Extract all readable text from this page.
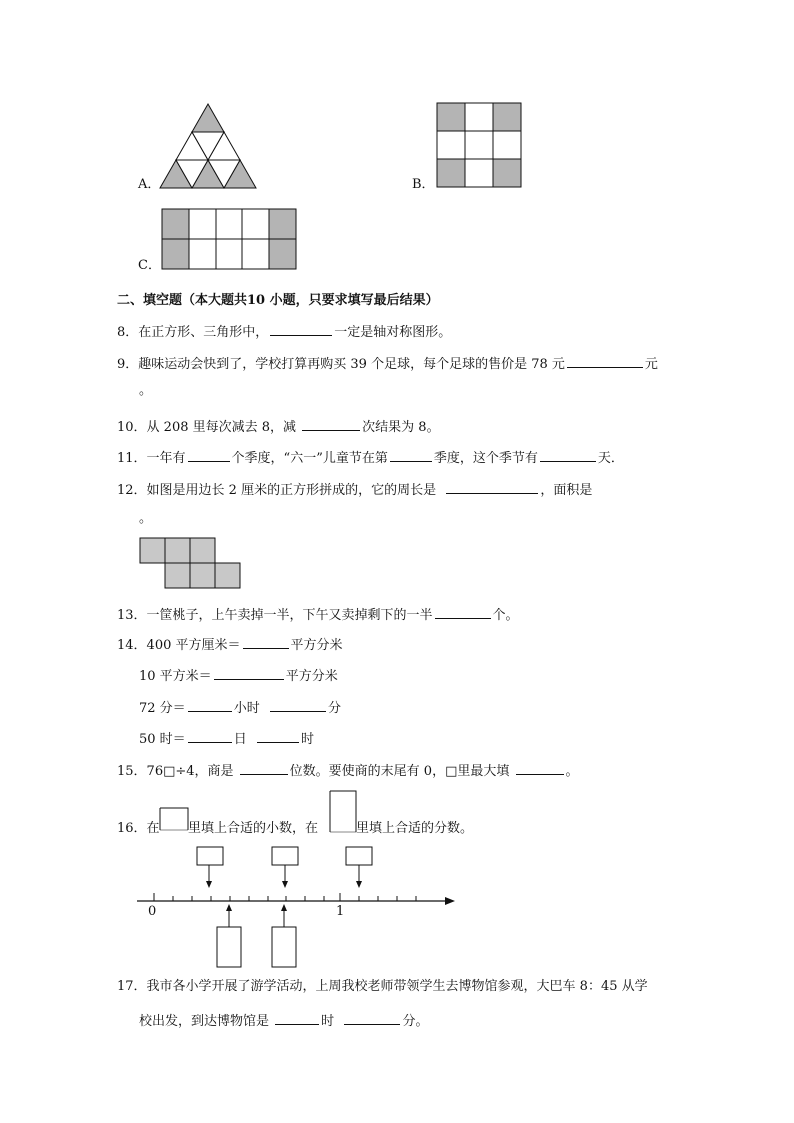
A．	B．
C．
二、填空题（本大题共10 小题，只要求填写最后结果）
8．在正方形、三角形中，	一定是轴对称图形。
9．趣味运动会快到了，学校打算再购买 39 个足球，每个足球的售价是 78 元	元
。
10．从 208 里每次减去 8，减	次结果为 8。
11．一年有	个季度，“六一”儿童节在第	季度，这个季节有	天．
12．如图是用边长 2 厘米的正方形拼成的，它的周长是	，面积是
。
13．一筐桃子，上午卖掉一半，下午又卖掉剩下的一半	个。
14．400 平方厘米＝	平方分米
10 平方米＝	平方分米
72 分＝	小时	分
50 时＝	日	时
15．76□÷4，商是	位数。要使商的末尾有 0，□里最大填	。
16．在 里填上合适的小数，在	里填上合适的分数。
0	1
17．我市各小学开展了游学活动，上周我校老师带领学生去博物馆参观，大巴车 8：45 从学
校出发，到达博物馆是	时	分。
